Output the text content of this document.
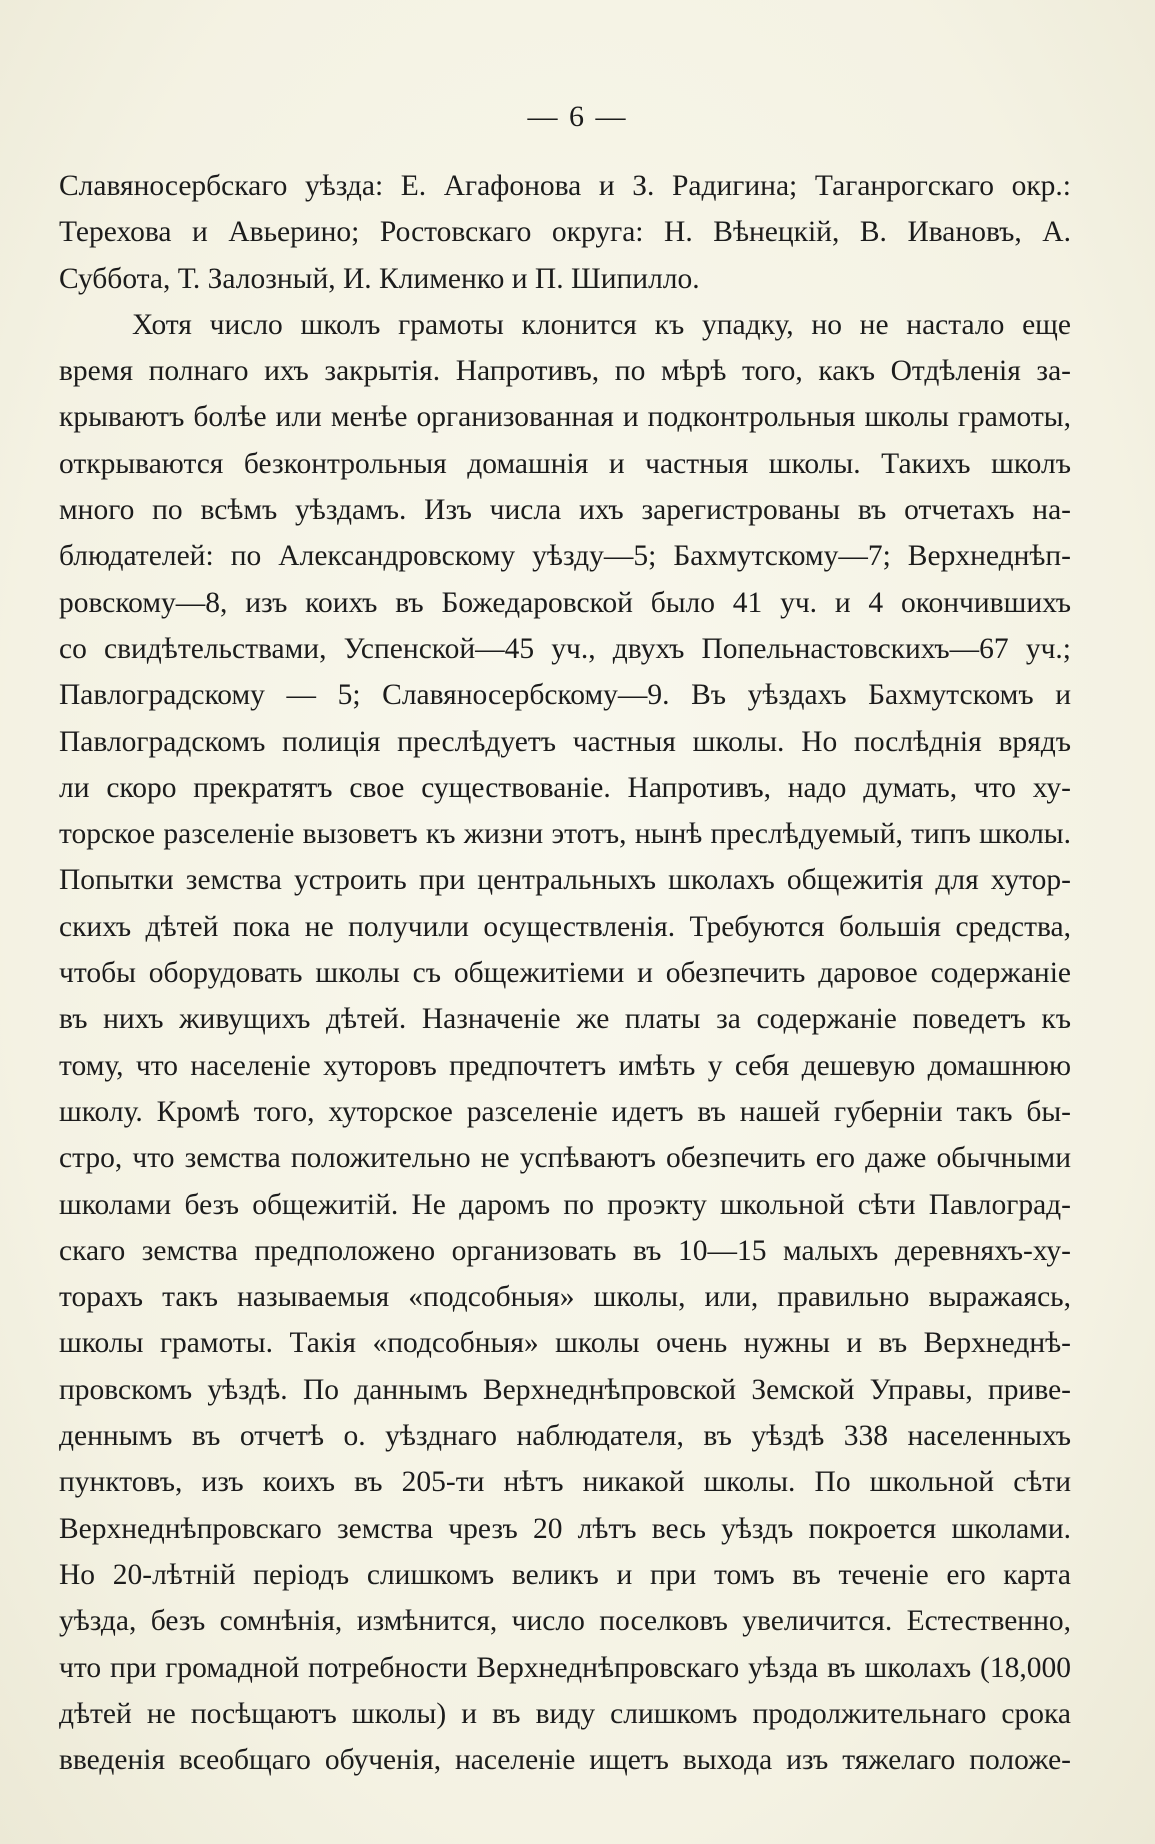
— 6 —
Славяносербскаго уѣзда: Е. Агафонова и З. Радигина; Таганрогскаго окр.:
Терехова и Авьерино; Ростовскаго округа: Н. Вѣнецкій, В. Ивановъ, А.
Суббота, Т. Залозный, И. Клименко и П. Шипилло.
Хотя число школъ грамоты клонится къ упадку, но не настало еще
время полнаго ихъ закрытія. Напротивъ, по мѣрѣ того, какъ Отдѣленія за-
крываютъ болѣе или менѣе организованная и подконтрольныя школы грамоты,
открываются безконтрольныя домашнія и частныя школы. Такихъ школъ
много по всѣмъ уѣздамъ. Изъ числа ихъ зарегистрованы въ отчетахъ на-
блюдателей: по Александровскому уѣзду—5; Бахмутскому—7; Верхнеднѣп-
ровскому—8, изъ коихъ въ Божедаровской было 41 уч. и 4 окончившихъ
со свидѣтельствами, Успенской—45 уч., двухъ Попельнастовскихъ—67 уч.;
Павлоградскому — 5; Славяносербскому—9. Въ уѣздахъ Бахмутскомъ и
Павлоградскомъ полиція преслѣдуетъ частныя школы. Но послѣднія врядъ
ли скоро прекратятъ свое существованіе. Напротивъ, надо думать, что ху-
торское разселеніе вызоветъ къ жизни этотъ, нынѣ преслѣдуемый, типъ школы.
Попытки земства устроить при центральныхъ школахъ общежитія для хутор-
скихъ дѣтей пока не получили осуществленія. Требуются большія средства,
чтобы оборудовать школы съ общежитіеми и обезпечить даровое содержаніе
въ нихъ живущихъ дѣтей. Назначеніе же платы за содержаніе поведетъ къ
тому, что населеніе хуторовъ предпочтетъ имѣть у себя дешевую домашнюю
школу. Кромѣ того, хуторское разселеніе идетъ въ нашей губерніи такъ бы-
стро, что земства положительно не успѣваютъ обезпечить его даже обычными
школами безъ общежитій. Не даромъ по проэкту школьной сѣти Павлоград-
скаго земства предположено организовать въ 10—15 малыхъ деревняхъ-ху-
торахъ такъ называемыя «подсобныя» школы, или, правильно выражаясь,
школы грамоты. Такія «подсобныя» школы очень нужны и въ Верхнеднѣ-
провскомъ уѣздѣ. По даннымъ Верхнеднѣпровской Земской Управы, приве-
деннымъ въ отчетѣ о. уѣзднаго наблюдателя, въ уѣздѣ 338 населенныхъ
пунктовъ, изъ коихъ въ 205-ти нѣтъ никакой школы. По школьной сѣти
Верхнеднѣпровскаго земства чрезъ 20 лѣтъ весь уѣздъ покроется школами.
Но 20-лѣтній періодъ слишкомъ великъ и при томъ въ теченіе его карта
уѣзда, безъ сомнѣнія, измѣнится, число поселковъ увеличится. Естественно,
что при громадной потребности Верхнеднѣпровскаго уѣзда въ школахъ (18,000
дѣтей не посѣщаютъ школы) и въ виду слишкомъ продолжительнаго срока
введенія всеобщаго обученія, населеніе ищетъ выхода изъ тяжелаго положе-
